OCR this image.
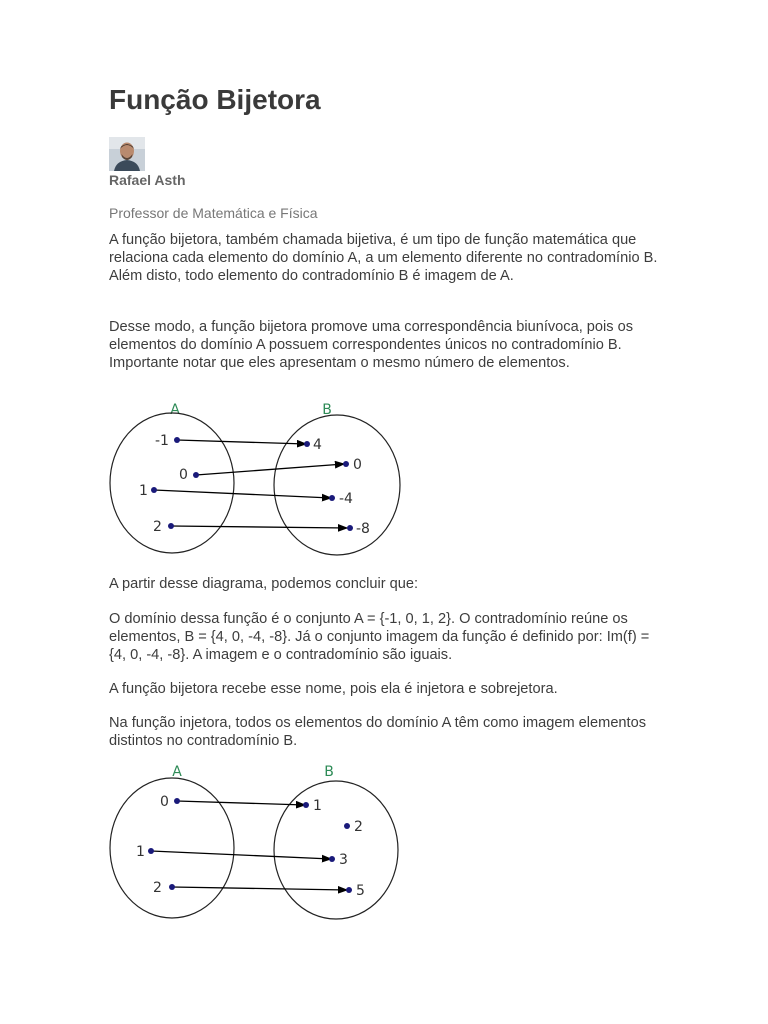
Função Bijetora
Rafael Asth
Professor de Matemática e Física

A função bijetora, também chamada bijetiva, é um tipo de função matemática que relaciona cada elemento do domínio A, a um elemento diferente no contradomínio B. Além disto, todo elemento do contradomínio B é imagem de A.

Desse modo, a função bijetora promove uma correspondência biunívoca, pois os elementos do domínio A possuem correspondentes únicos no contradomínio B. Importante notar que eles apresentam o mesmo número de elementos.

A	B
-1
0
1
2
4
0
-4
-8

A partir desse diagrama, podemos concluir que:

O domínio dessa função é o conjunto A = {-1, 0, 1, 2}. O contradomínio reúne os elementos, B = {4, 0, -4, -8}. Já o conjunto imagem da função é definido por: Im(f) = {4, 0, -4, -8}. A imagem e o contradomínio são iguais.

A função bijetora recebe esse nome, pois ela é injetora e sobrejetora.

Na função injetora, todos os elementos do domínio A têm como imagem elementos distintos no contradomínio B.

A	B
0
1
2
1
2
3
5
